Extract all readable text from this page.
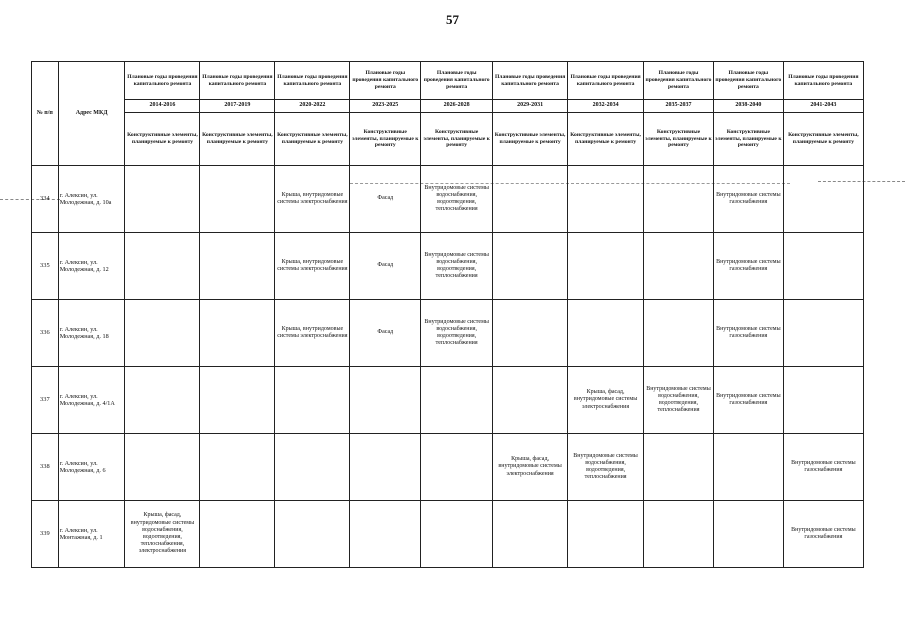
57
№ п/п	Адрес МКД	Плановые годы проведения капитального ремонта	Плановые годы проведения капитального ремонта	Плановые годы проведения капитального ремонта	Плановые годы проведения капитального ремонта	Плановые годы проведения капитального ремонта	Плановые годы проведения капитального ремонта	Плановые годы проведения капитального ремонта	Плановые годы проведения капитального ремонта	Плановые годы проведения капитального ремонта	Плановые годы проведения капитального ремонта
		2014-2016	2017-2019	2020-2022	2023-2025	2026-2028	2029-2031	2032-2034	2035-2037	2038-2040	2041-2043
		Конструктивные элементы, планируемые к ремонту	Конструктивные элементы, планируемые к ремонту	Конструктивные элементы, планируемые к ремонту	Конструктивные элементы, планируемые к ремонту	Конструктивные элементы, планируемые к ремонту	Конструктивные элементы, планируемые к ремонту	Конструктивные элементы, планируемые к ремонту	Конструктивные элементы, планируемые к ремонту	Конструктивные элементы, планируемые к ремонту	Конструктивные элементы, планируемые к ремонту
334	г. Алексин, ул. Молодежная, д. 10а			Крыша, внутридомовые системы электроснабжения	Фасад	Внутридомовые системы водоснабжения, водоотведения, теплоснабжения				Внутридомовые системы газоснабжения	
335	г. Алексин, ул. Молодежная, д. 12			Крыша, внутридомовые системы электроснабжения	Фасад	Внутридомовые системы водоснабжения, водоотведения, теплоснабжения				Внутридомовые системы газоснабжения	
336	г. Алексин, ул. Молодежная, д. 18			Крыша, внутридомовые системы электроснабжения	Фасад	Внутридомовые системы водоснабжения, водоотведения, теплоснабжения				Внутридомовые системы газоснабжения	
337	г. Алексин, ул. Молодежная, д. 4/1А							Крыша, фасад, внутридомовые системы электроснабжения	Внутридомовые системы водоснабжения, водоотведения, теплоснабжения	Внутридомовые системы газоснабжения	
338	г. Алексин, ул. Молодежная, д. 6						Крыша, фасад, внутридомовые системы электроснабжения	Внутридомовые системы водоснабжения, водоотведения, теплоснабжения			Внутридомовые системы газоснабжения
339	г. Алексин, ул. Монтажная, д. 1	Крыша, фасад, внутридомовые системы водоснабжения, водоотведения, теплоснабжения, электроснабжения									Внутридомовые системы газоснабжения
